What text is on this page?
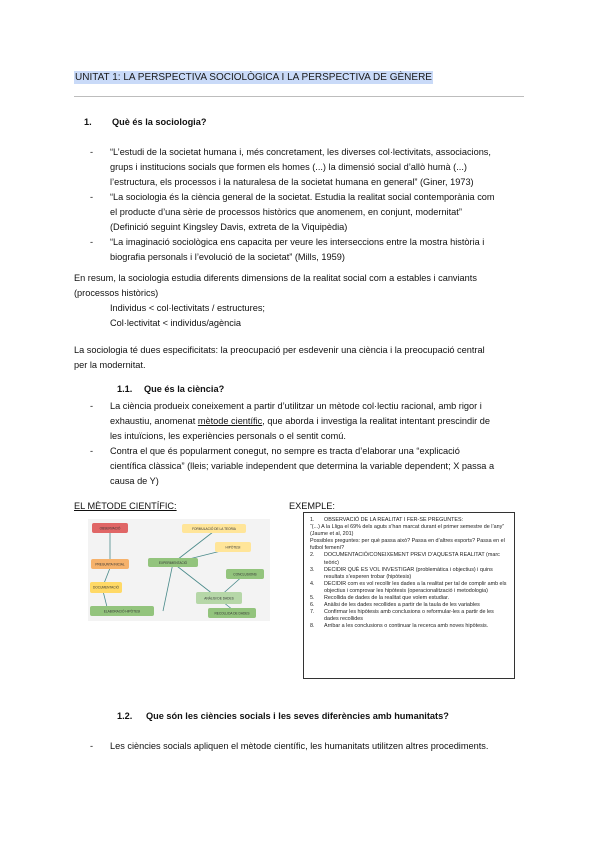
UNITAT 1: LA PERSPECTIVA SOCIOLÒGICA I LA PERSPECTIVA DE GÈNERE
1. Què és la sociologia?
- “L’estudi de la societat humana i, més concretament, les diverses col·lectivitats, associacions,
grups i institucions socials que formen els homes (...) la dimensió social d’allò humà (...)
l’estructura, els processos i la naturalesa de la societat humana en general” (Giner, 1973)
- “La sociologia és la ciència general de la societat. Estudia la realitat social contemporània com
el producte d’una sèrie de processos històrics que anomenem, en conjunt, modernitat”
(Definició seguint Kingsley Davis, extreta de la Viquipèdia)
- “La imaginació sociològica ens capacita per veure les interseccions entre la mostra història i
biografia personals i l’evolució de la societat” (Mills, 1959)
En resum, la sociologia estudia diferents dimensions de la realitat social com a estables i canviants
(processos històrics)
Individus < col·lectivitats / estructures;
Col·lectivitat < individus/agència
La sociologia té dues especificitats: la preocupació per esdevenir una ciència i la preocupació central
per la modernitat.
1.1. Que és la ciència?
- La ciència produeix coneixement a partir d’utilitzar un mètode col·lectiu racional, amb rigor i
exhaustiu, anomenat mètode científic, que aborda i investiga la realitat intentant prescindir de
les intuïcions, les experiències personals o el sentit comú.
- Contra el que és popularment conegut, no sempre es tracta d’elaborar una “explicació
científica clàssica” (lleis; variable independent que determina la variable dependent; X passa a
causa de Y)
EL MÈTODE CIENTÍFIC:	EXEMPLE:
OBSERVACIÓ	FORMULACIÓ DE LA TEORIA
HIPÒTESI
PREGUNTA INICIAL	EXPERIMENTACIÓ
CONCLUSIONS
DOCUMENTACIÓ
ANÀLISI DE DADES
ELABORACIÓ HIPÒTESI	RECOLLIDA DE DADES
1. OBSERVACIÓ DE LA REALITAT I FER-SE PREGUNTES:
“(...) A la Lliga el 69% dels aguts s’han marcat durant el primer semestre de l’any” (Jaume et al, 201)
Possibles preguntes: per què passa això? Passa en d’altres esports? Passa en el futbol femení?
2. DOCUMENTACIÓ/CONEIXEMENT PREVI D’AQUESTA REALITAT (marc teòric)
3. DECIDIR QUÈ ES VOL INVESTIGAR (problemàtica i objectius) i quins resultats s’esperen trobar (hipòtesis)
4. DECIDIR com es vol recollir les dades a la realitat per tal de complir amb els objectius i comprovar les hipòtesis (operacionalització i metodologia)
5. Recollida de dades de la realitat que volem estudiar.
6. Anàlisi de les dades recollides a partir de la taula de les variables
7. Confirmar les hipòtesis amb conclusions o reformular-les a partir de les dades recollides
8. Arribar a les conclusions o continuar la recerca amb noves hipòtesis.
1.2. Que són les ciències socials i les seves diferències amb humanitats?
- Les ciències socials apliquen el mètode científic, les humanitats utilitzen altres procediments.
